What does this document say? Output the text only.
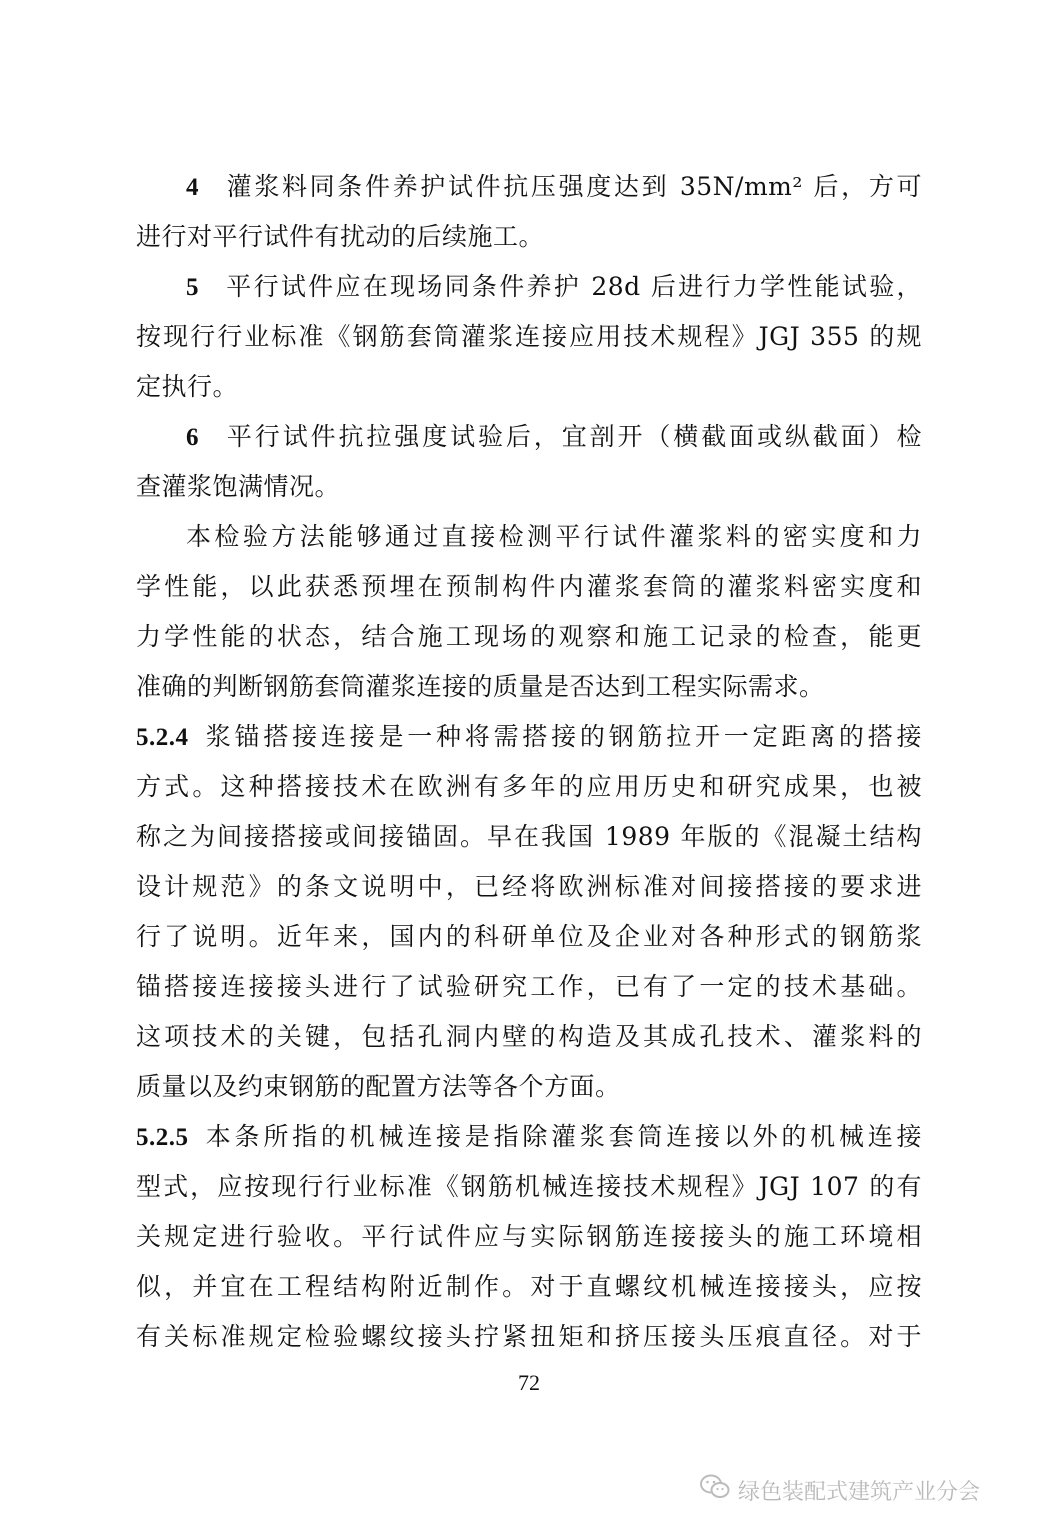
4  灌浆料同条件养护试件抗压强度达到 35N/mm² 后，方可
进行对平行试件有扰动的后续施工。
5  平行试件应在现场同条件养护 28d 后进行力学性能试验，
按现行行业标准《钢筋套筒灌浆连接应用技术规程》JGJ 355 的规
定执行。
6  平行试件抗拉强度试验后，宜剖开（横截面或纵截面）检
查灌浆饱满情况。
本检验方法能够通过直接检测平行试件灌浆料的密实度和力
学性能，以此获悉预埋在预制构件内灌浆套筒的灌浆料密实度和
力学性能的状态，结合施工现场的观察和施工记录的检查，能更
准确的判断钢筋套筒灌浆连接的质量是否达到工程实际需求。
5.2.4 浆锚搭接连接是一种将需搭接的钢筋拉开一定距离的搭接
方式。这种搭接技术在欧洲有多年的应用历史和研究成果，也被
称之为间接搭接或间接锚固。早在我国 1989 年版的《混凝土结构
设计规范》的条文说明中，已经将欧洲标准对间接搭接的要求进
行了说明。近年来，国内的科研单位及企业对各种形式的钢筋浆
锚搭接连接接头进行了试验研究工作，已有了一定的技术基础。
这项技术的关键，包括孔洞内壁的构造及其成孔技术、灌浆料的
质量以及约束钢筋的配置方法等各个方面。
5.2.5 本条所指的机械连接是指除灌浆套筒连接以外的机械连接
型式，应按现行行业标准《钢筋机械连接技术规程》JGJ 107 的有
关规定进行验收。平行试件应与实际钢筋连接接头的施工环境相
似，并宜在工程结构附近制作。对于直螺纹机械连接接头，应按
有关标准规定检验螺纹接头拧紧扭矩和挤压接头压痕直径。对于
72
绿色装配式建筑产业分会
